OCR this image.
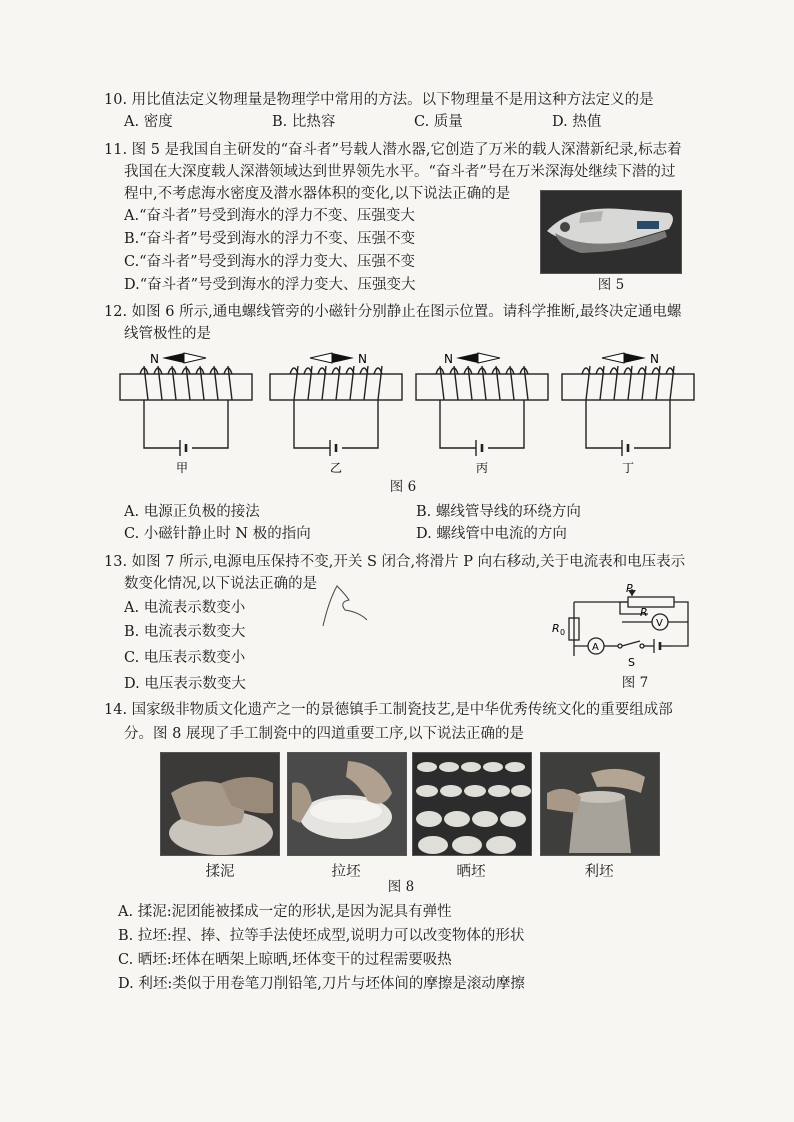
10. 用比值法定义物理量是物理学中常用的方法。以下物理量不是用这种方法定义的是
A. 密度	B. 比热容	C. 质量	D. 热值
11. 图 5 是我国自主研发的“奋斗者”号载人潜水器,它创造了万米的载人深潜新纪录,标志着
我国在大深度载人深潜领域达到世界领先水平。“奋斗者”号在万米深海处继续下潜的过
程中,不考虑海水密度及潜水器体积的变化,以下说法正确的是
A.“奋斗者”号受到海水的浮力不变、压强变大
B.“奋斗者”号受到海水的浮力不变、压强不变
C.“奋斗者”号受到海水的浮力变大、压强不变
D.“奋斗者”号受到海水的浮力变大、压强变大	图 5
12. 如图 6 所示,通电螺线管旁的小磁针分别静止在图示位置。请科学推断,最终决定通电螺
线管极性的是
N	N	N	N
甲	乙	丙	丁
图 6
A. 电源正负极的接法	B. 螺线管导线的环绕方向
C. 小磁针静止时 N 极的指向	D. 螺线管中电流的方向
13. 如图 7 所示,电源电压保持不变,开关 S 闭合,将滑片 P 向右移动,关于电流表和电压表示
数变化情况,以下说法正确的是
A. 电流表示数变小
B. 电流表示数变大
C. 电压表示数变小
D. 电压表示数变大
P
R
R 0
V
A
S
图 7
14. 国家级非物质文化遗产之一的景德镇手工制瓷技艺,是中华优秀传统文化的重要组成部
分。图 8 展现了手工制瓷中的四道重要工序,以下说法正确的是
揉泥	拉坯	晒坯	利坯
图 8
A. 揉泥:泥团能被揉成一定的形状,是因为泥具有弹性
B. 拉坯:捏、捧、拉等手法使坯成型,说明力可以改变物体的形状
C. 晒坯:坯体在晒架上晾晒,坯体变干的过程需要吸热
D. 利坯:类似于用卷笔刀削铅笔,刀片与坯体间的摩擦是滚动摩擦
